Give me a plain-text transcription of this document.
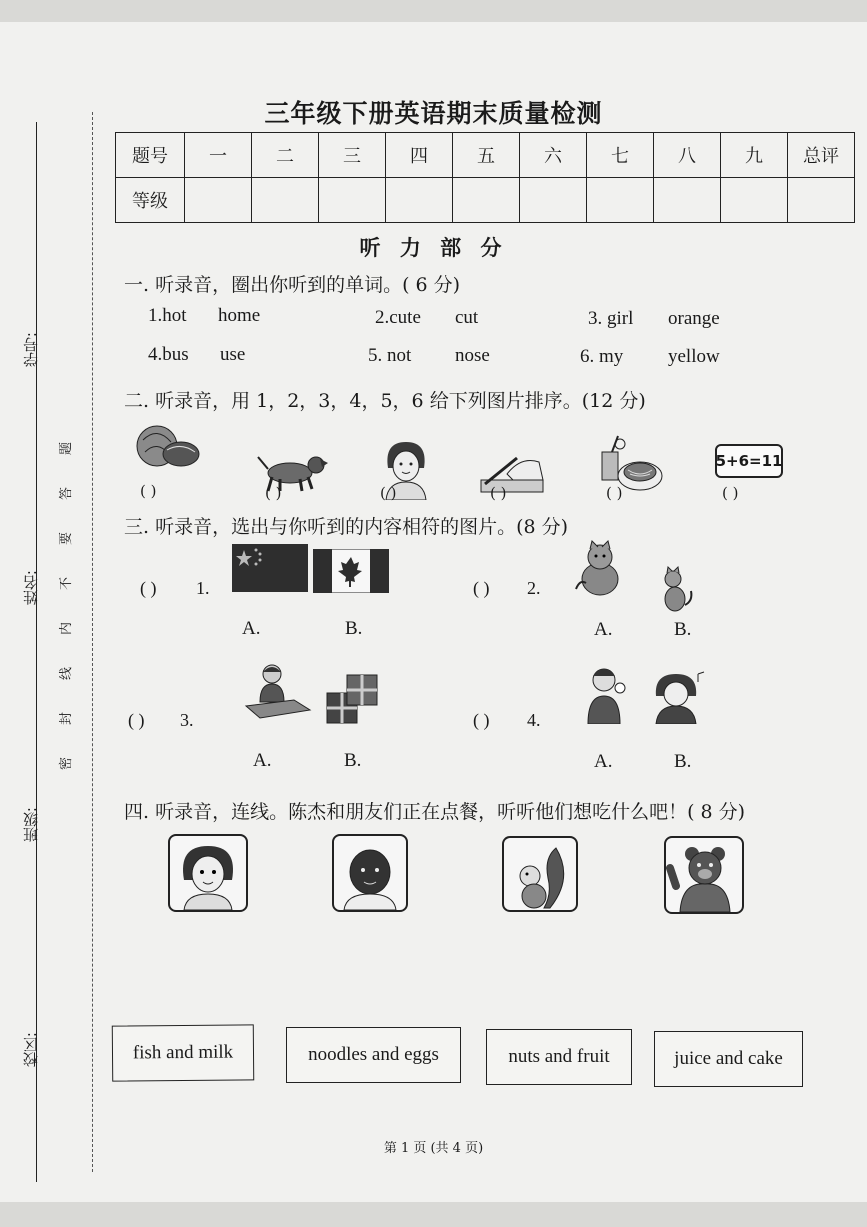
学号:
姓名:
班级:
校区:
密
封
线
内
不
要
答
题
三年级下册英语期末质量检测
题号	一	二	三	四	五	六	七	八	九	总评
等级										
听 力 部 分
一. 听录音，圈出你听到的单词。( 6 分)
1.hot home	2.cute cut	3. girl orange
4.bus use	5. not nose	6. my yellow
二. 听录音，用 1，2，3，4，5，6 给下列图片排序。(12 分)
5+6=11
( )	( )	( )	( )	( )	( )
三. 听录音，选出与你听到的内容相符的图片。(8 分)
( ) 1.
A.	B.
( ) 2.
A.	B.
( ) 3.
A.	B.
( ) 4.
A.	B.
四. 听录音，连线。陈杰和朋友们正在点餐，听听他们想吃什么吧！( 8 分)
fish and milk	noodles and eggs	nuts and fruit	juice and cake
第 1 页 (共 4 页)
